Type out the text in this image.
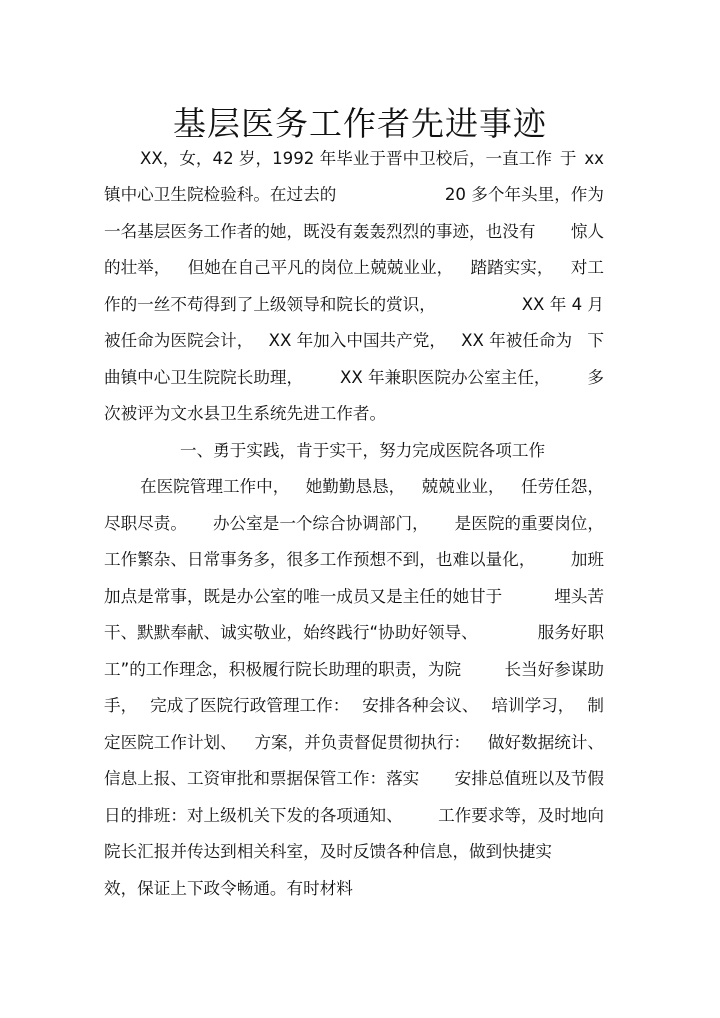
基层医务工作者先进事迹
XX，女，42 岁，1992 年毕业于晋中卫校后，一直工作 于 xx
镇中心卫生院检验科。在过去的	20 多个年头里，作为
一名基层医务工作者的她，既没有轰轰烈烈的事迹，也没有 惊人
的壮举， 但她在自己平凡的岗位上兢兢业业， 踏踏实实， 对工
作的一丝不苟得到了上级领导和院长的赏识，	XX 年 4 月
被任命为医院会计， XX 年加入中国共产党， XX 年被任命为 下
曲镇中心卫生院院长助理， XX 年兼职医院办公室主任， 多
次被评为文水县卫生系统先进工作者。
一、勇于实践，肯于实干，努力完成医院各项工作
在医院管理工作中， 她勤勤恳恳， 兢兢业业， 任劳任怨，
尽职尽责。 办公室是一个综合协调部门， 是医院的重要岗位，
工作繁杂、日常事务多，很多工作预想不到，也难以量化， 加班
加点是常事，既是办公室的唯一成员又是主任的她甘于	埋头苦
干、默默奉献、诚实敬业，始终践行“协助好领导、	服务好职
工”的工作理念，积极履行院长助理的职责，为院	长当好参谋助
手， 完成了医院行政管理工作： 安排各种会议、 培训学习， 制
定医院工作计划、 方案，并负责督促贯彻执行： 做好数据统计、
信息上报、工资审批和票据保管工作：落实 安排总值班以及节假
日的排班：对上级机关下发的各项通知、 工作要求等，及时地向
院长汇报并传达到相关科室，及时反 馈各种信息，做到快捷实
效，保证上下政令畅通。有时材料
